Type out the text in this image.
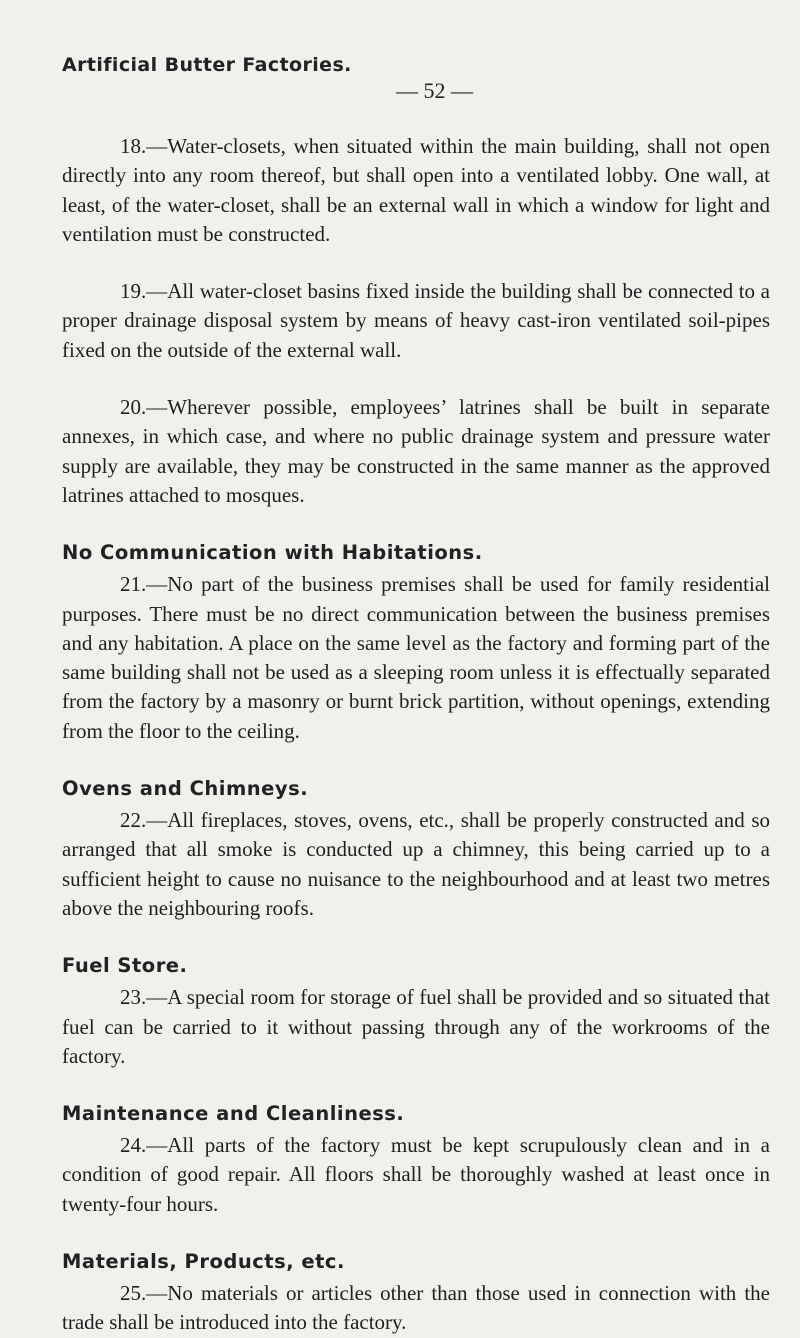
Artificial Butter Factories.
— 52 —

18.—Water-closets, when situated within the main building, shall not open directly into any room thereof, but shall open into a ventilated lobby. One wall, at least, of the water-closet, shall be an external wall in which a window for light and ventilation must be constructed.

19.—All water-closet basins fixed inside the building shall be connected to a proper drainage disposal system by means of heavy cast-iron ventilated soil-pipes fixed on the outside of the external wall.

20.—Wherever possible, employees’ latrines shall be built in separate annexes, in which case, and where no public drainage system and pressure water supply are available, they may be constructed in the same manner as the approved latrines attached to mosques.

No Communication with Habitations.

21.—No part of the business premises shall be used for family residential purposes. There must be no direct communication between the business premises and any habitation. A place on the same level as the factory and forming part of the same building shall not be used as a sleeping room unless it is effectually separated from the factory by a masonry or burnt brick partition, without openings, extending from the floor to the ceiling.

Ovens and Chimneys.

22.—All fireplaces, stoves, ovens, etc., shall be properly constructed and so arranged that all smoke is conducted up a chimney, this being carried up to a sufficient height to cause no nuisance to the neighbourhood and at least two metres above the neighbouring roofs.

Fuel Store.

23.—A special room for storage of fuel shall be provided and so situated that fuel can be carried to it without passing through any of the workrooms of the factory.

Maintenance and Cleanliness.

24.—All parts of the factory must be kept scrupulously clean and in a condition of good repair. All floors shall be thoroughly washed at least once in twenty-four hours.

Materials, Products, etc.

25.—No materials or articles other than those used in connection with the trade shall be introduced into the factory.
